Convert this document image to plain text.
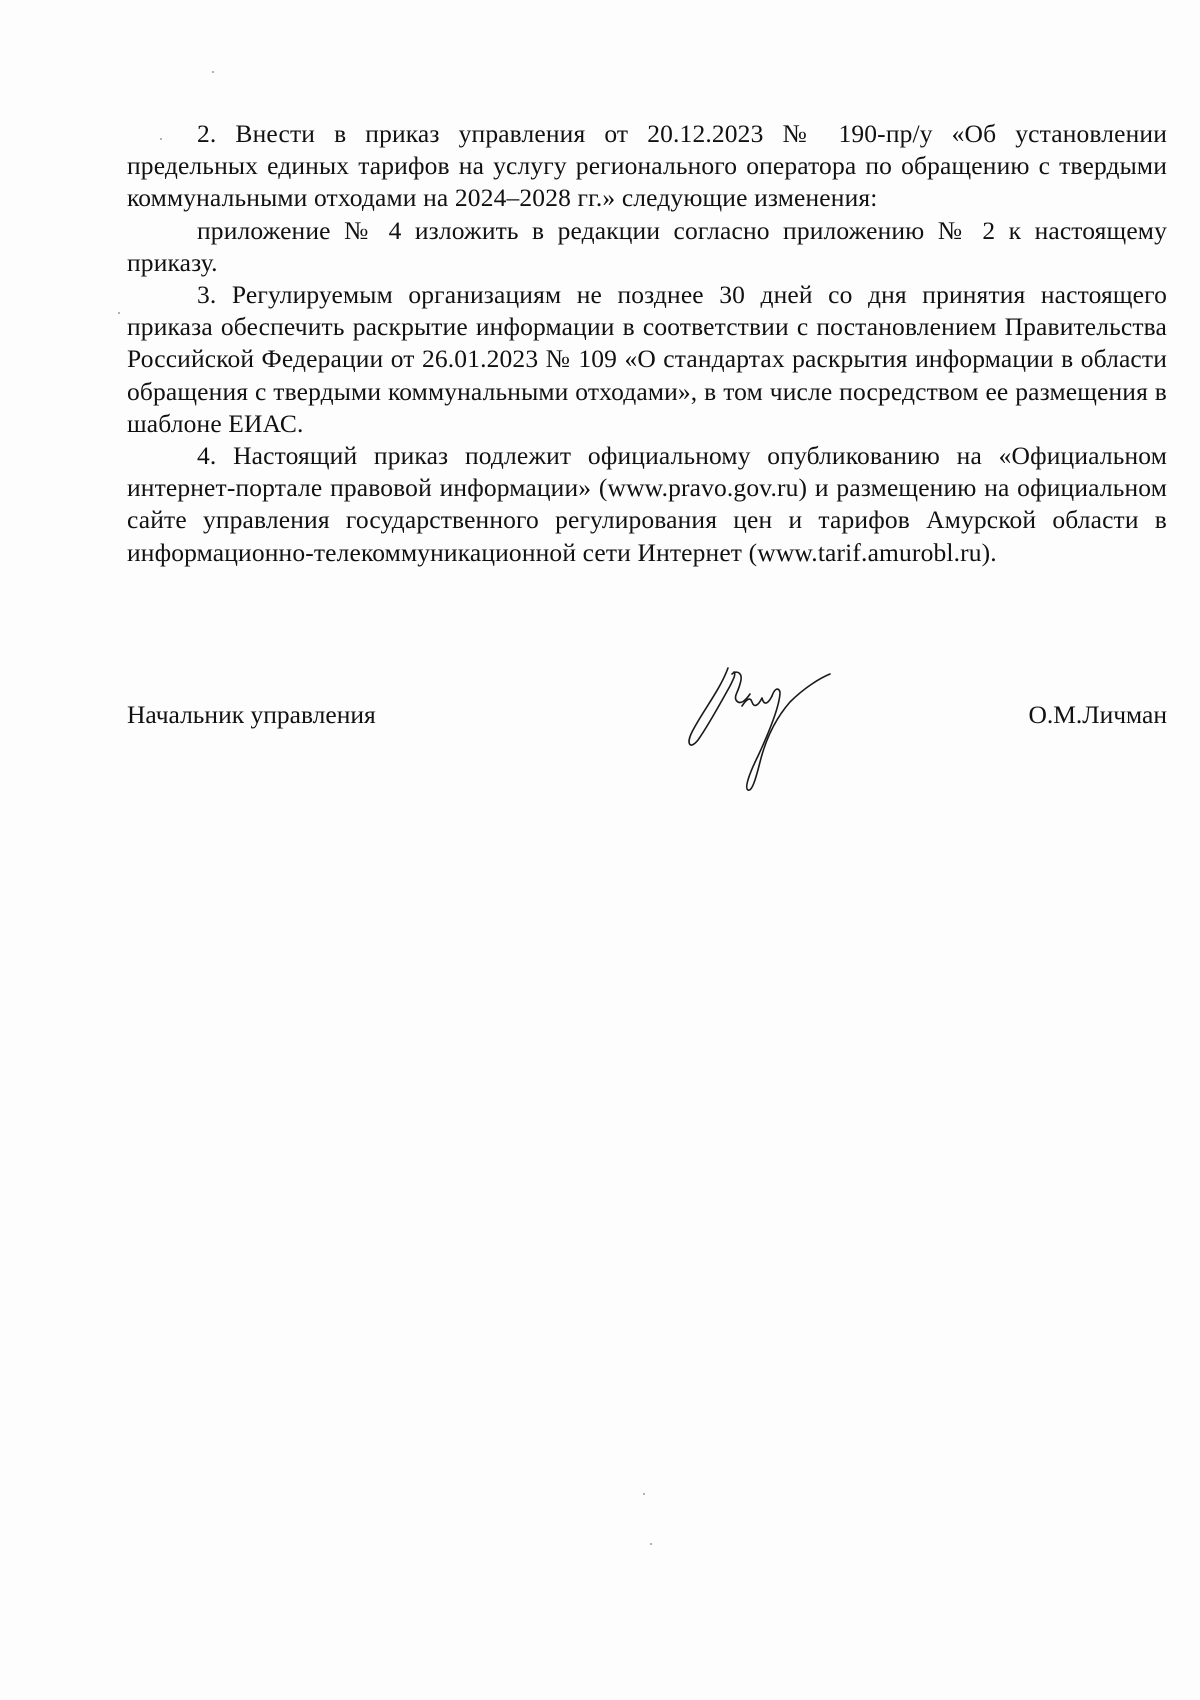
2. Внести в приказ управления от 20.12.2023 № 190-пр/у «Об установлении предельных единых тарифов на услугу регионального оператора по обращению с твердыми коммунальными отходами на 2024–2028 гг.» следующие изменения:

приложение № 4 изложить в редакции согласно приложению № 2 к настоящему приказу.

3. Регулируемым организациям не позднее 30 дней со дня принятия настоящего приказа обеспечить раскрытие информации в соответствии с постановлением Правительства Российской Федерации от 26.01.2023 № 109 «О стандартах раскрытия информации в области обращения с твердыми коммунальными отходами», в том числе посредством ее размещения в шаблоне ЕИАС.

4. Настоящий приказ подлежит официальному опубликованию на «Официальном интернет-портале правовой информации» (www.pravo.gov.ru) и размещению на официальном сайте управления государственного регулирования цен и тарифов Амурской области в информационно-телекоммуникационной сети Интернет (www.tarif.amurobl.ru).

Начальник управления	О.М.Личман
